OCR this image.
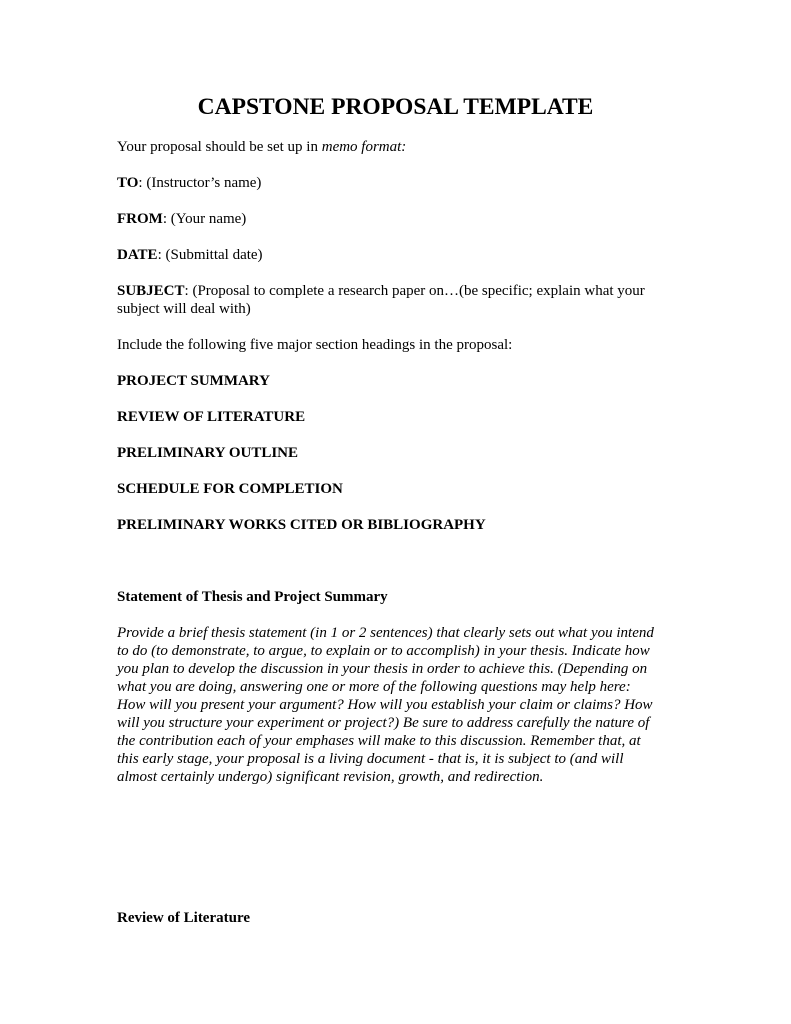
CAPSTONE PROPOSAL TEMPLATE
Your proposal should be set up in memo format:
TO: (Instructor’s name)
FROM: (Your name)
DATE: (Submittal date)
SUBJECT: (Proposal to complete a research paper on…(be specific; explain what your
subject will deal with)
Include the following five major section headings in the proposal:
PROJECT SUMMARY
REVIEW OF LITERATURE
PRELIMINARY OUTLINE
SCHEDULE FOR COMPLETION
PRELIMINARY WORKS CITED OR BIBLIOGRAPHY
Statement of Thesis and Project Summary
Provide a brief thesis statement (in 1 or 2 sentences) that clearly sets out what you intend
to do (to demonstrate, to argue, to explain or to accomplish) in your thesis. Indicate how
you plan to develop the discussion in your thesis in order to achieve this. (Depending on
what you are doing, answering one or more of the following questions may help here:
How will you present your argument? How will you establish your claim or claims? How
will you structure your experiment or project?) Be sure to address carefully the nature of
the contribution each of your emphases will make to this discussion. Remember that, at
this early stage, your proposal is a living document - that is, it is subject to (and will
almost certainly undergo) significant revision, growth, and redirection.
Review of Literature
